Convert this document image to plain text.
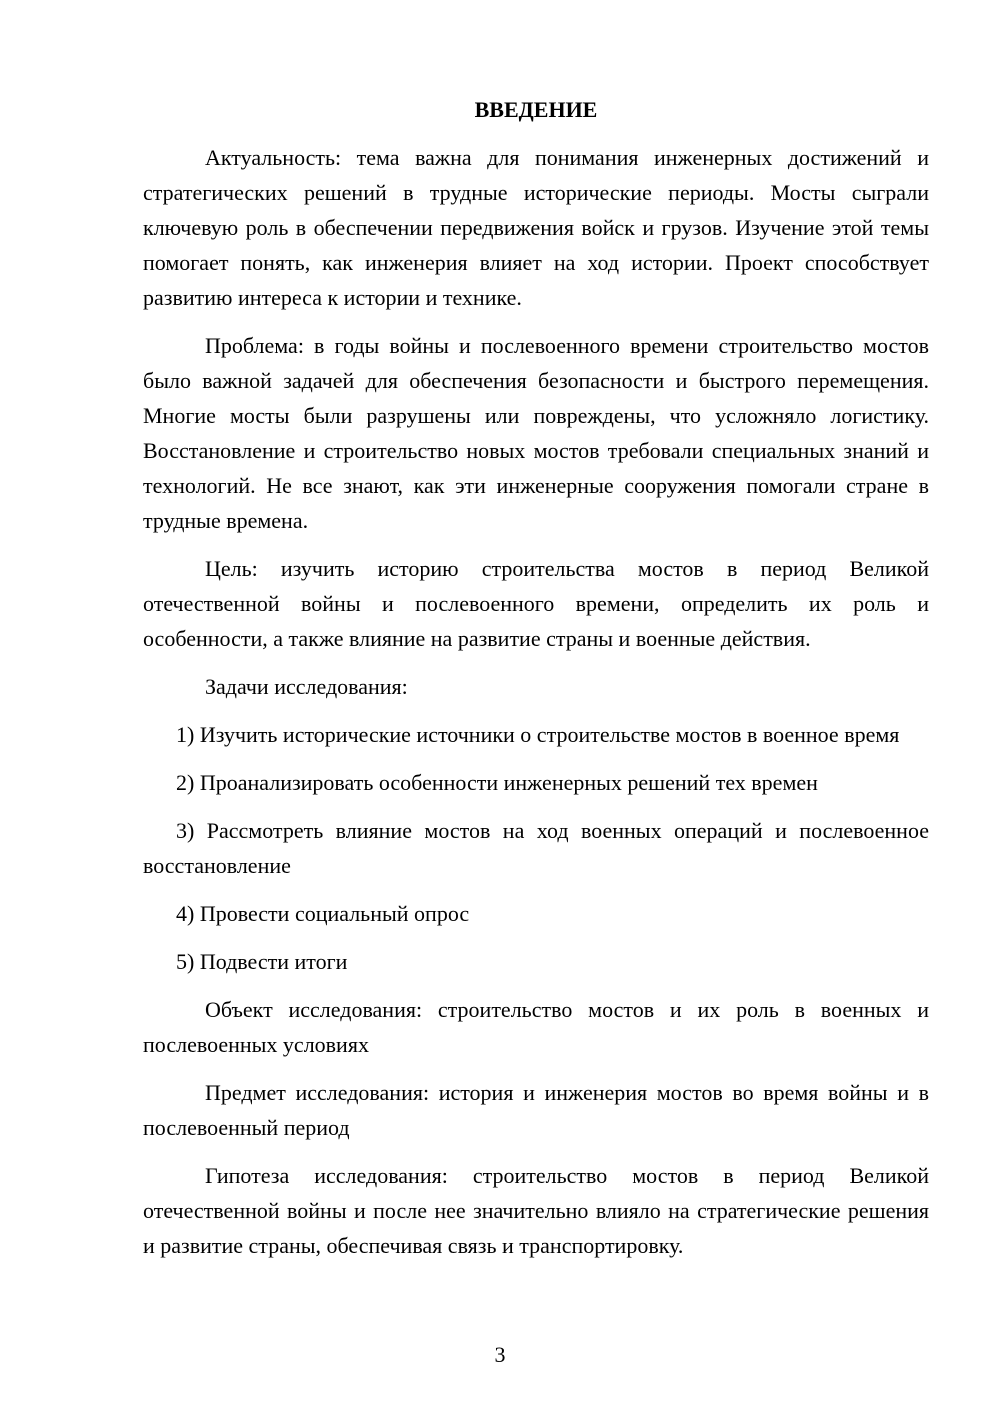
ВВЕДЕНИЕ

Актуальность: тема важна для понимания инженерных достижений и стратегических решений в трудные исторические периоды. Мосты сыграли ключевую роль в обеспечении передвижения войск и грузов. Изучение этой темы помогает понять, как инженерия влияет на ход истории. Проект способствует развитию интереса к истории и технике.

Проблема: в годы войны и послевоенного времени строительство мостов было важной задачей для обеспечения безопасности и быстрого перемещения. Многие мосты были разрушены или повреждены, что усложняло логистику. Восстановление и строительство новых мостов требовали специальных знаний и технологий. Не все знают, как эти инженерные сооружения помогали стране в трудные времена.

Цель: изучить историю строительства мостов в период Великой отечественной войны и послевоенного времени, определить их роль и особенности, а также влияние на развитие страны и военные действия.

Задачи исследования:

1) Изучить исторические источники о строительстве мостов в военное время

2) Проанализировать особенности инженерных решений тех времен

3) Рассмотреть влияние мостов на ход военных операций и послевоенное восстановление

4) Провести социальный опрос

5) Подвести итоги

Объект исследования: строительство мостов и их роль в военных и послевоенных условиях

Предмет исследования: история и инженерия мостов во время войны и в послевоенный период

Гипотеза исследования: строительство мостов в период Великой отечественной войны и после нее значительно влияло на стратегические решения и развитие страны, обеспечивая связь и транспортировку.

3
